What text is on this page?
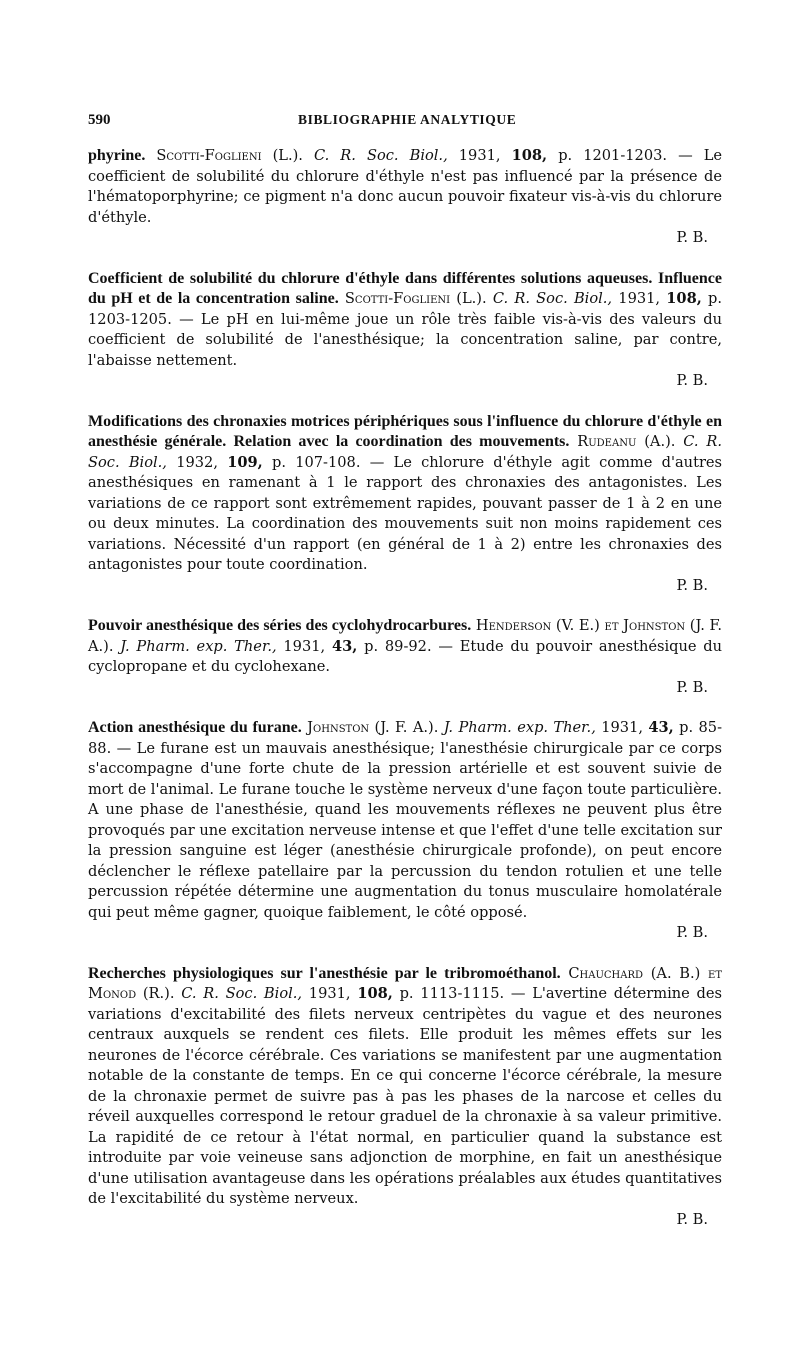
590	BIBLIOGRAPHIE ANALYTIQUE

phyrine. Scotti-Foglieni (L.). C. R. Soc. Biol., 1931, 108, p. 1201-1203. — Le coefficient de solubilité du chlorure d'éthyle n'est pas influencé par la présence de l'hématoporphyrine; ce pigment n'a donc aucun pouvoir fixateur vis-à-vis du chlorure d'éthyle.
P. B.

Coefficient de solubilité du chlorure d'éthyle dans différentes solutions aqueuses. Influence du pH et de la concentration saline. Scotti-Foglieni (L.). C. R. Soc. Biol., 1931, 108, p. 1203-1205. — Le pH en lui-même joue un rôle très faible vis-à-vis des valeurs du coefficient de solubilité de l'anesthésique; la concentration saline, par contre, l'abaisse nettement.
P. B.

Modifications des chronaxies motrices périphériques sous l'influence du chlorure d'éthyle en anesthésie générale. Relation avec la coordination des mouvements. Rudeanu (A.). C. R. Soc. Biol., 1932, 109, p. 107-108. — Le chlorure d'éthyle agit comme d'autres anesthésiques en ramenant à 1 le rapport des chronaxies des antagonistes. Les variations de ce rapport sont extrêmement rapides, pouvant passer de 1 à 2 en une ou deux minutes. La coordination des mouvements suit non moins rapidement ces variations. Nécessité d'un rapport (en général de 1 à 2) entre les chronaxies des antagonistes pour toute coordination.
P. B.

Pouvoir anesthésique des séries des cyclohydrocarbures. Henderson (V. E.) et Johnston (J. F. A.). J. Pharm. exp. Ther., 1931, 43, p. 89-92. — Etude du pouvoir anesthésique du cyclopropane et du cyclohexane.
P. B.

Action anesthésique du furane. Johnston (J. F. A.). J. Pharm. exp. Ther., 1931, 43, p. 85-88. — Le furane est un mauvais anesthésique; l'anesthésie chirurgicale par ce corps s'accompagne d'une forte chute de la pression artérielle et est souvent suivie de mort de l'animal. Le furane touche le système nerveux d'une façon toute particulière. A une phase de l'anesthésie, quand les mouvements réflexes ne peuvent plus être provoqués par une excitation nerveuse intense et que l'effet d'une telle excitation sur la pression sanguine est léger (anesthésie chirurgicale profonde), on peut encore déclencher le réflexe patellaire par la percussion du tendon rotulien et une telle percussion répétée détermine une augmentation du tonus musculaire homolatérale qui peut même gagner, quoique faiblement, le côté opposé.
P. B.

Recherches physiologiques sur l'anesthésie par le tribromoéthanol. Chauchard (A. B.) et Monod (R.). C. R. Soc. Biol., 1931, 108, p. 1113-1115. — L'avertine détermine des variations d'excitabilité des filets nerveux centripètes du vague et des neurones centraux auxquels se rendent ces filets. Elle produit les mêmes effets sur les neurones de l'écorce cérébrale. Ces variations se manifestent par une augmentation notable de la constante de temps. En ce qui concerne l'écorce cérébrale, la mesure de la chronaxie permet de suivre pas à pas les phases de la narcose et celles du réveil auxquelles correspond le retour graduel de la chronaxie à sa valeur primitive. La rapidité de ce retour à l'état normal, en particulier quand la substance est introduite par voie veineuse sans adjonction de morphine, en fait un anesthésique d'une utilisation avantageuse dans les opérations préalables aux études quantitatives de l'excitabilité du système nerveux.
P. B.
